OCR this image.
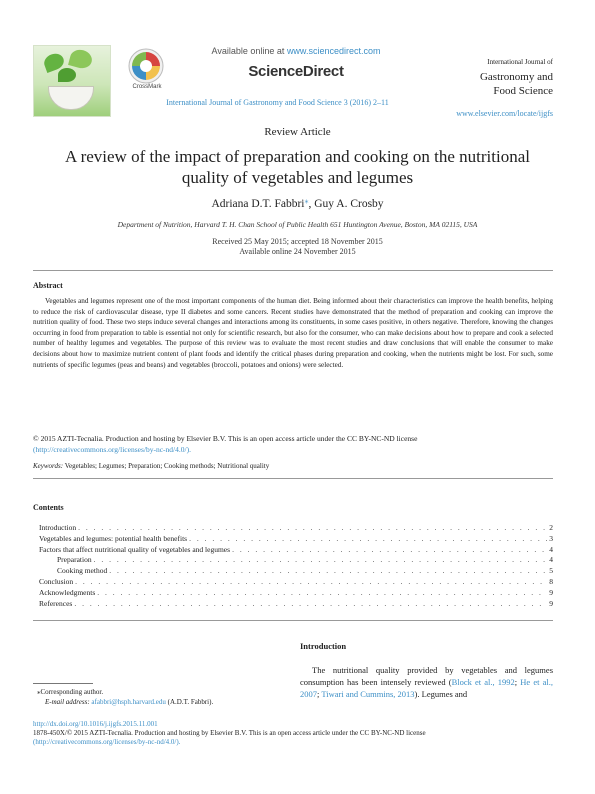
CrossMark
Available online at www.sciencedirect.com
ScienceDirect
International Journal of
Gastronomy and
Food Science
International Journal of Gastronomy and Food Science 3 (2016) 2–11
www.elsevier.com/locate/ijgfs
Review Article
A review of the impact of preparation and cooking on the nutritional quality of vegetables and legumes
Adriana D.T. Fabbri⁎, Guy A. Crosby
Department of Nutrition, Harvard T. H. Chan School of Public Health 651 Huntington Avenue, Boston, MA 02115, USA
Received 25 May 2015; accepted 18 November 2015
Available online 24 November 2015
Abstract
Vegetables and legumes represent one of the most important components of the human diet. Being informed about their characteristics can improve the health benefits, helping to reduce the risk of cardiovascular disease, type II diabetes and some cancers. Recent studies have demonstrated that the method of preparation and cooking can improve the nutrition quality of food. These two steps induce several changes and interactions among its constituents, in some cases positive, in others negative. Therefore, knowing the changes occurring in food from preparation to table is essential not only for scientific research, but also for the consumer, who can make decisions about how to prepare and cook a selected number of healthy legumes and vegetables. The purpose of this review was to evaluate the most recent studies and draw conclusions that will enable the consumer to make decisions about how to maximize nutrient content of plant foods and identify the critical phases during preparation and cooking, when the nutrients might be lost. For such, some nutrients of specific legumes (peas and beans) and vegetables (broccoli, potatoes and onions) were selected.
© 2015 AZTI-Tecnalia. Production and hosting by Elsevier B.V. This is an open access article under the CC BY-NC-ND license
(http://creativecommons.org/licenses/by-nc-nd/4.0/).
Keywords: Vegetables; Legumes; Preparation; Cooking methods; Nutritional quality
Contents
Introduction . . .	2
Vegetables and legumes: potential health benefits . . .	3
Factors that affect nutritional quality of vegetables and legumes . . .	4
Preparation . . .	4
Cooking method . . .	5
Conclusion . . .	8
Acknowledgments . . .	9
References . . .	9
Introduction
The nutritional quality provided by vegetables and legumes consumption has been intensely reviewed (Block et al., 1992; He et al., 2007; Tiwari and Cummins, 2013). Legumes and
⁎Corresponding author.
E-mail address: afabbri@hsph.harvard.edu (A.D.T. Fabbri).
http://dx.doi.org/10.1016/j.ijgfs.2015.11.001
1878-450X/© 2015 AZTI-Tecnalia. Production and hosting by Elsevier B.V. This is an open access article under the CC BY-NC-ND license
(http://creativecommons.org/licenses/by-nc-nd/4.0/).
